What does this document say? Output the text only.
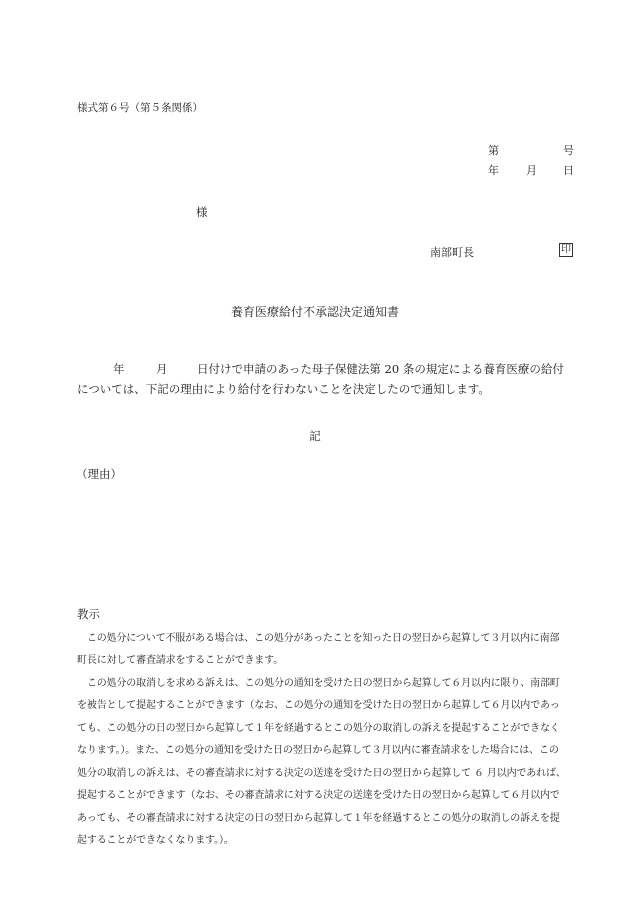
様式第６号（第５条関係）
第	号
年 月 日
様
南部町長	印
養育医療給付不承認決定通知書
年	月	日付けで申請のあった母子保健法第 20 条の規定による養育医療の給付
については、下記の理由により給付を行わないことを決定したので通知します。
記
（理由）
教示
　この処分について不服がある場合は、この処分があったことを知った日の翌日から起算して３月以内に南部
町長に対して審査請求をすることができます。
　この処分の取消しを求める訴えは、この処分の通知を受けた日の翌日から起算して６月以内に限り、南部町
を被告として提起することができます（なお、この処分の通知を受けた日の翌日から起算して６月以内であっ
ても、この処分の日の翌日から起算して１年を経過するとこの処分の取消しの訴えを提起することができなく
なります。）。また、この処分の通知を受けた日の翌日から起算して３月以内に審査請求をした場合には、この
処分の取消しの訴えは、その審査請求に対する決定の送達を受けた日の翌日から起算して ６ 月以内であれば、
提起することができます（なお、その審査請求に対する決定の送達を受けた日の翌日から起算して６月以内で
あっても、その審査請求に対する決定の日の翌日から起算して１年を経過するとこの処分の取消しの訴えを提
起することができなくなります。）。
